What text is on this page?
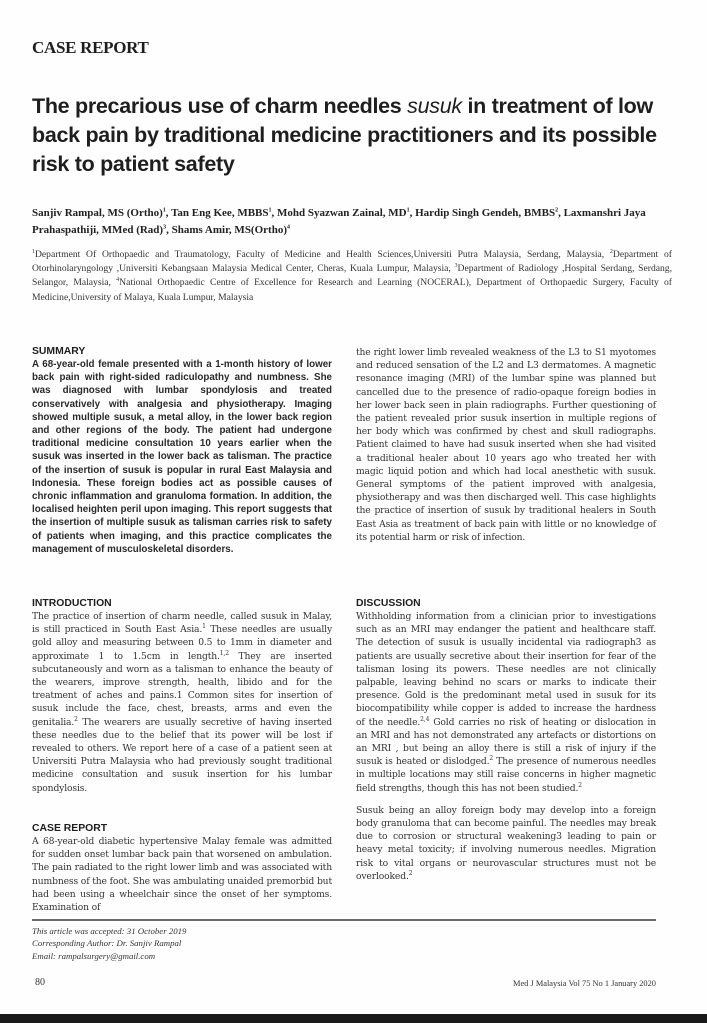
CASE REPORT
The precarious use of charm needles susuk in treatment of low back pain by traditional medicine practitioners and its possible risk to patient safety
Sanjiv Rampal, MS (Ortho)$^1$, Tan Eng Kee, MBBS$^1$, Mohd Syazwan Zainal, $MD^1$, Hardip Singh Gendeh, BMBS$^2$, Laxmanshri Jaya Prahaspathiji, MMed (Rad)$^3$, Shams Amir, MS(Ortho)$^4$
$^1$Department Of Orthopaedic and Traumatology, Faculty of Medicine and Health Sciences,Universiti Putra Malaysia, Serdang, Malaysia, $^2$Department of Otorhinolaryngology ,Universiti Kebangsaan Malaysia Medical Center, Cheras, Kuala Lumpur, Malaysia, $^3$Department of Radiology ,Hospital Serdang, Serdang, Selangor, Malaysia, $^4$National Orthopaedic Centre of Excellence for Research and Learning (NOCERAL), Department of Orthopaedic Surgery, Faculty of Medicine,University of Malaya, Kuala Lumpur, Malaysia
SUMMARY

A 68-year-old female presented with a 1-month history of lower back pain with right-sided radiculopathy and numbness. She was diagnosed with lumbar spondylosis and treated conservatively with analgesia and physiotherapy. Imaging showed multiple susuk, a metal alloy, in the lower back region and other regions of the body. The patient had undergone traditional medicine consultation 10 years earlier when the susuk was inserted in the lower back as talisman. The practice of the insertion of susuk is popular in rural East Malaysia and Indonesia. These foreign bodies act as possible causes of chronic inflammation and granuloma formation. In addition, the localised heighten peril upon imaging. This report suggests that the insertion of multiple susuk as talisman carries risk to safety of patients when imaging, and this practice complicates the management of musculoskeletal disorders.

the right lower limb revealed weakness of the L3 to S1 myotomes and reduced sensation of the L2 and L3 dermatomes. A magnetic resonance imaging (MRI) of the lumbar spine was planned but cancelled due to the presence of radio-opaque foreign bodies in her lower back seen in plain radiographs. Further questioning of the patient revealed prior susuk insertion in multiple regions of her body which was confirmed by chest and skull radiographs. Patient claimed to have had susuk inserted when she had visited a traditional healer about 10 years ago who treated her with magic liquid potion and which had local anesthetic with susuk. General symptoms of the patient improved with analgesia, physiotherapy and was then discharged well. This case highlights the practice of insertion of susuk by traditional healers in South East Asia as treatment of back pain with little or no knowledge of its potential harm or risk of infection.

INTRODUCTION

The practice of insertion of charm needle, called susuk in Malay, is still practiced in South East Asia.$^1$ These needles are usually gold alloy and measuring between 0.5 to 1mm in diameter and approximate 1 to 1.5cm in length.$^{1,2}$ They are inserted subcutaneously and worn as a talisman to enhance the beauty of the wearers, improve strength, health, libido and for the treatment of aches and pains.1 Common sites for insertion of susuk include the face, chest, breasts, arms and even the genitalia.$^2$ The wearers are usually secretive of having inserted these needles due to the belief that its power will be lost if revealed to others. We report here of a case of a patient seen at Universiti Putra Malaysia who had previously sought traditional medicine consultation and susuk insertion for his lumbar spondylosis.

CASE REPORT

A 68-year-old diabetic hypertensive Malay female was admitted for sudden onset lumbar back pain that worsened on ambulation. The pain radiated to the right lower limb and was associated with numbness of the foot. She was ambulating unaided premorbid but had been using a wheelchair since the onset of her symptoms. Examination of

DISCUSSION

Withholding information from a clinician prior to investigations such as an MRI may endanger the patient and healthcare staff. The detection of susuk is usually incidental via radiograph3 as patients are usually secretive about their insertion for fear of the talisman losing its powers. These needles are not clinically palpable, leaving behind no scars or marks to indicate their presence. Gold is the predominant metal used in susuk for its biocompatibility while copper is added to increase the hardness of the needle.$^{2,4}$ Gold carries no risk of heating or dislocation in an MRI and has not demonstrated any artefacts or distortions on an MRI , but being an alloy there is still a risk of injury if the susuk is heated or dislodged.$^2$ The presence of numerous needles in multiple locations may still raise concerns in higher magnetic field strengths, though this has not been studied.$^2$

Susuk being an alloy foreign body may develop into a foreign body granuloma that can become painful. The needles may break due to corrosion or structural weakening3 leading to pain or heavy metal toxicity; if involving numerous needles. Migration risk to vital organs or neurovascular structures must not be overlooked.$^2$

This article was accepted: 31 October 2019
Corresponding Author: Dr. Sanjiv Rampal
Email: rampalsurgery@gmail.com
80	Med J Malaysia Vol 75 No 1 January 2020
